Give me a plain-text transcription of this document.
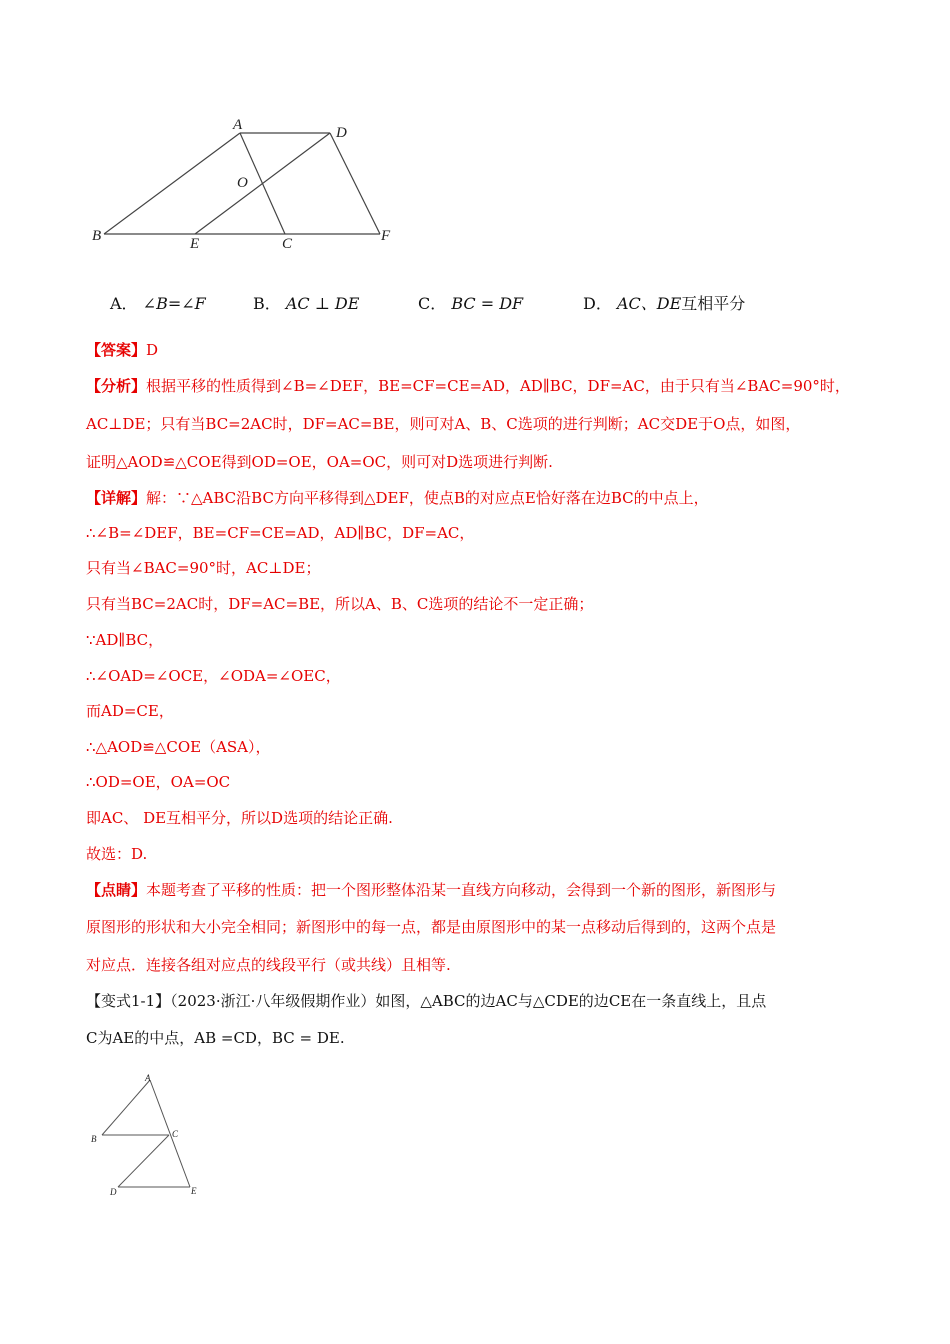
A	D
O
B	E	C	F
A． ∠B=∠F	B． AC ⊥ DE	C． BC = DF	D． AC、DE互相平分
【答案】D
【分析】根据平移的性质得到∠B=∠DEF，BE=CF=CE=AD，AD∥BC，DF=AC，由于只有当∠BAC=90°时，
AC⊥DE；只有当BC=2AC时，DF=AC=BE，则可对A、B、C选项的进行判断；AC交DE于O点，如图，
证明△AOD≌△COE得到OD=OE，OA=OC，则可对D选项进行判断.
【详解】解：∵△ABC沿BC方向平移得到△DEF，使点B的对应点E恰好落在边BC的中点上，
∴∠B=∠DEF，BE=CF=CE=AD，AD∥BC，DF=AC，
只有当∠BAC=90°时，AC⊥DE；
只有当BC=2AC时，DF=AC=BE，所以A、B、C选项的结论不一定正确；
∵AD∥BC，
∴∠OAD=∠OCE，∠ODA=∠OEC，
而AD=CE，
∴△AOD≌△COE（ASA），
∴OD=OE，OA=OC
即AC、 DE互相平分，所以D选项的结论正确.
故选：D.
【点睛】本题考查了平移的性质：把一个图形整体沿某一直线方向移动，会得到一个新的图形，新图形与
原图形的形状和大小完全相同；新图形中的每一点，都是由原图形中的某一点移动后得到的，这两个点是
对应点．连接各组对应点的线段平行（或共线）且相等.
【变式1-1】（2023·浙江·八年级假期作业）如图，△ABC的边AC与△CDE的边CE在一条直线上，且点
C为AE的中点，AB =CD，BC = DE.
A
B	C
D	E
